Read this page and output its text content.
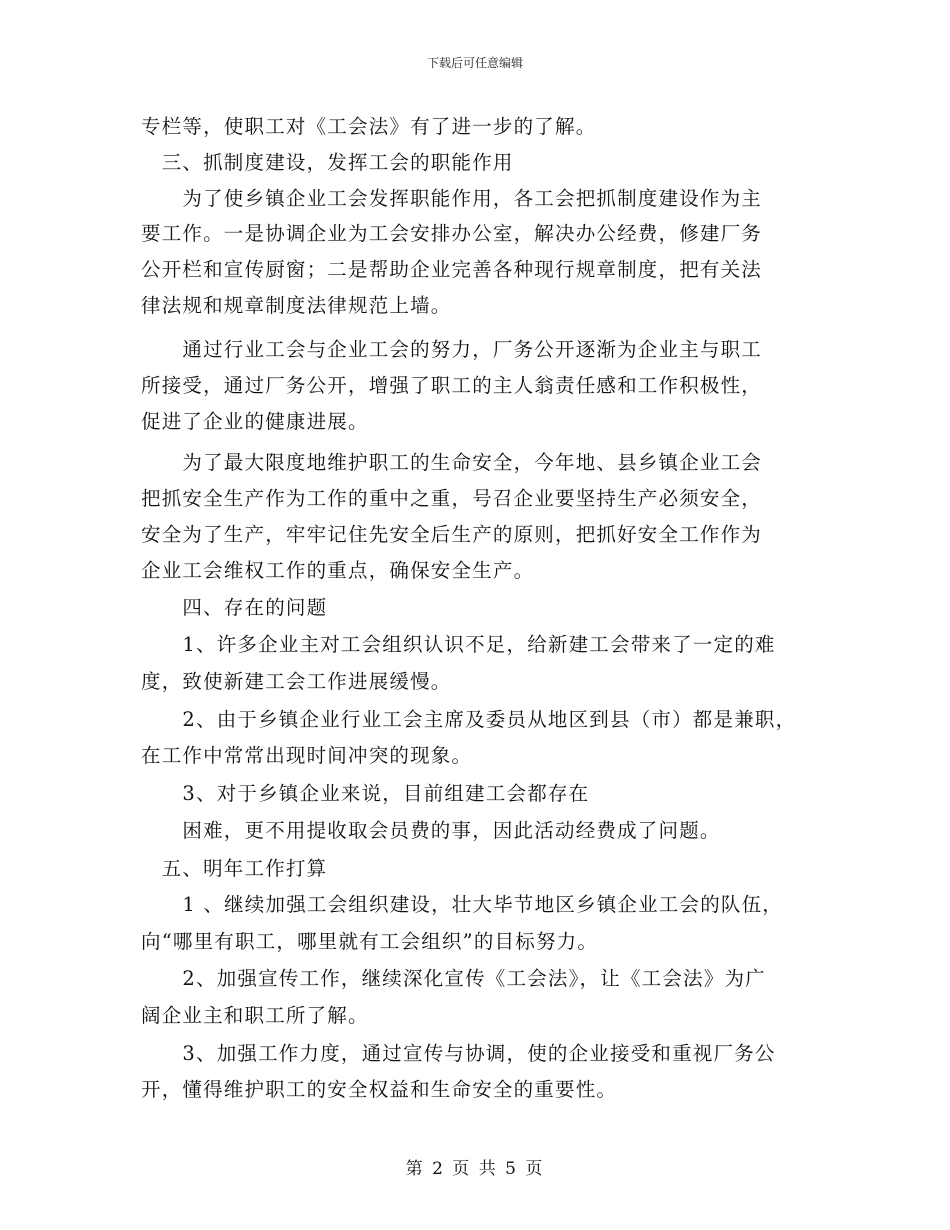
下载后可任意编辑
专栏等，使职工对《工会法》有了进一步的了解。
　三、抓制度建设，发挥工会的职能作用
　　为了使乡镇企业工会发挥职能作用，各工会把抓制度建设作为主
要工作。一是协调企业为工会安排办公室，解决办公经费，修建厂务
公开栏和宣传厨窗；二是帮助企业完善各种现行规章制度，把有关法
律法规和规章制度法律规范上墙。
　　通过行业工会与企业工会的努力，厂务公开逐渐为企业主与职工
所接受，通过厂务公开，增强了职工的主人翁责任感和工作积极性，
促进了企业的健康进展。
　　为了最大限度地维护职工的生命安全，今年地、县乡镇企业工会
把抓安全生产作为工作的重中之重，号召企业要坚持生产必须安全，
安全为了生产，牢牢记住先安全后生产的原则，把抓好安全工作作为
企业工会维权工作的重点，确保安全生产。
　　四、存在的问题
　　1、许多企业主对工会组织认识不足，给新建工会带来了一定的难
度，致使新建工会工作进展缓慢。
　　2、由于乡镇企业行业工会主席及委员从地区到县（市）都是兼职，
在工作中常常出现时间冲突的现象。
　　3、对于乡镇企业来说，目前组建工会都存在
　　困难，更不用提收取会员费的事，因此活动经费成了问题。
　五、明年工作打算
　　1 、继续加强工会组织建设，壮大毕节地区乡镇企业工会的队伍，
向“哪里有职工，哪里就有工会组织”的目标努力。
　　2、加强宣传工作，继续深化宣传《工会法》，让《工会法》为广
阔企业主和职工所了解。
　　3、加强工作力度，通过宣传与协调，使的企业接受和重视厂务公
开，懂得维护职工的安全权益和生命安全的重要性。
第 2 页 共 5 页
